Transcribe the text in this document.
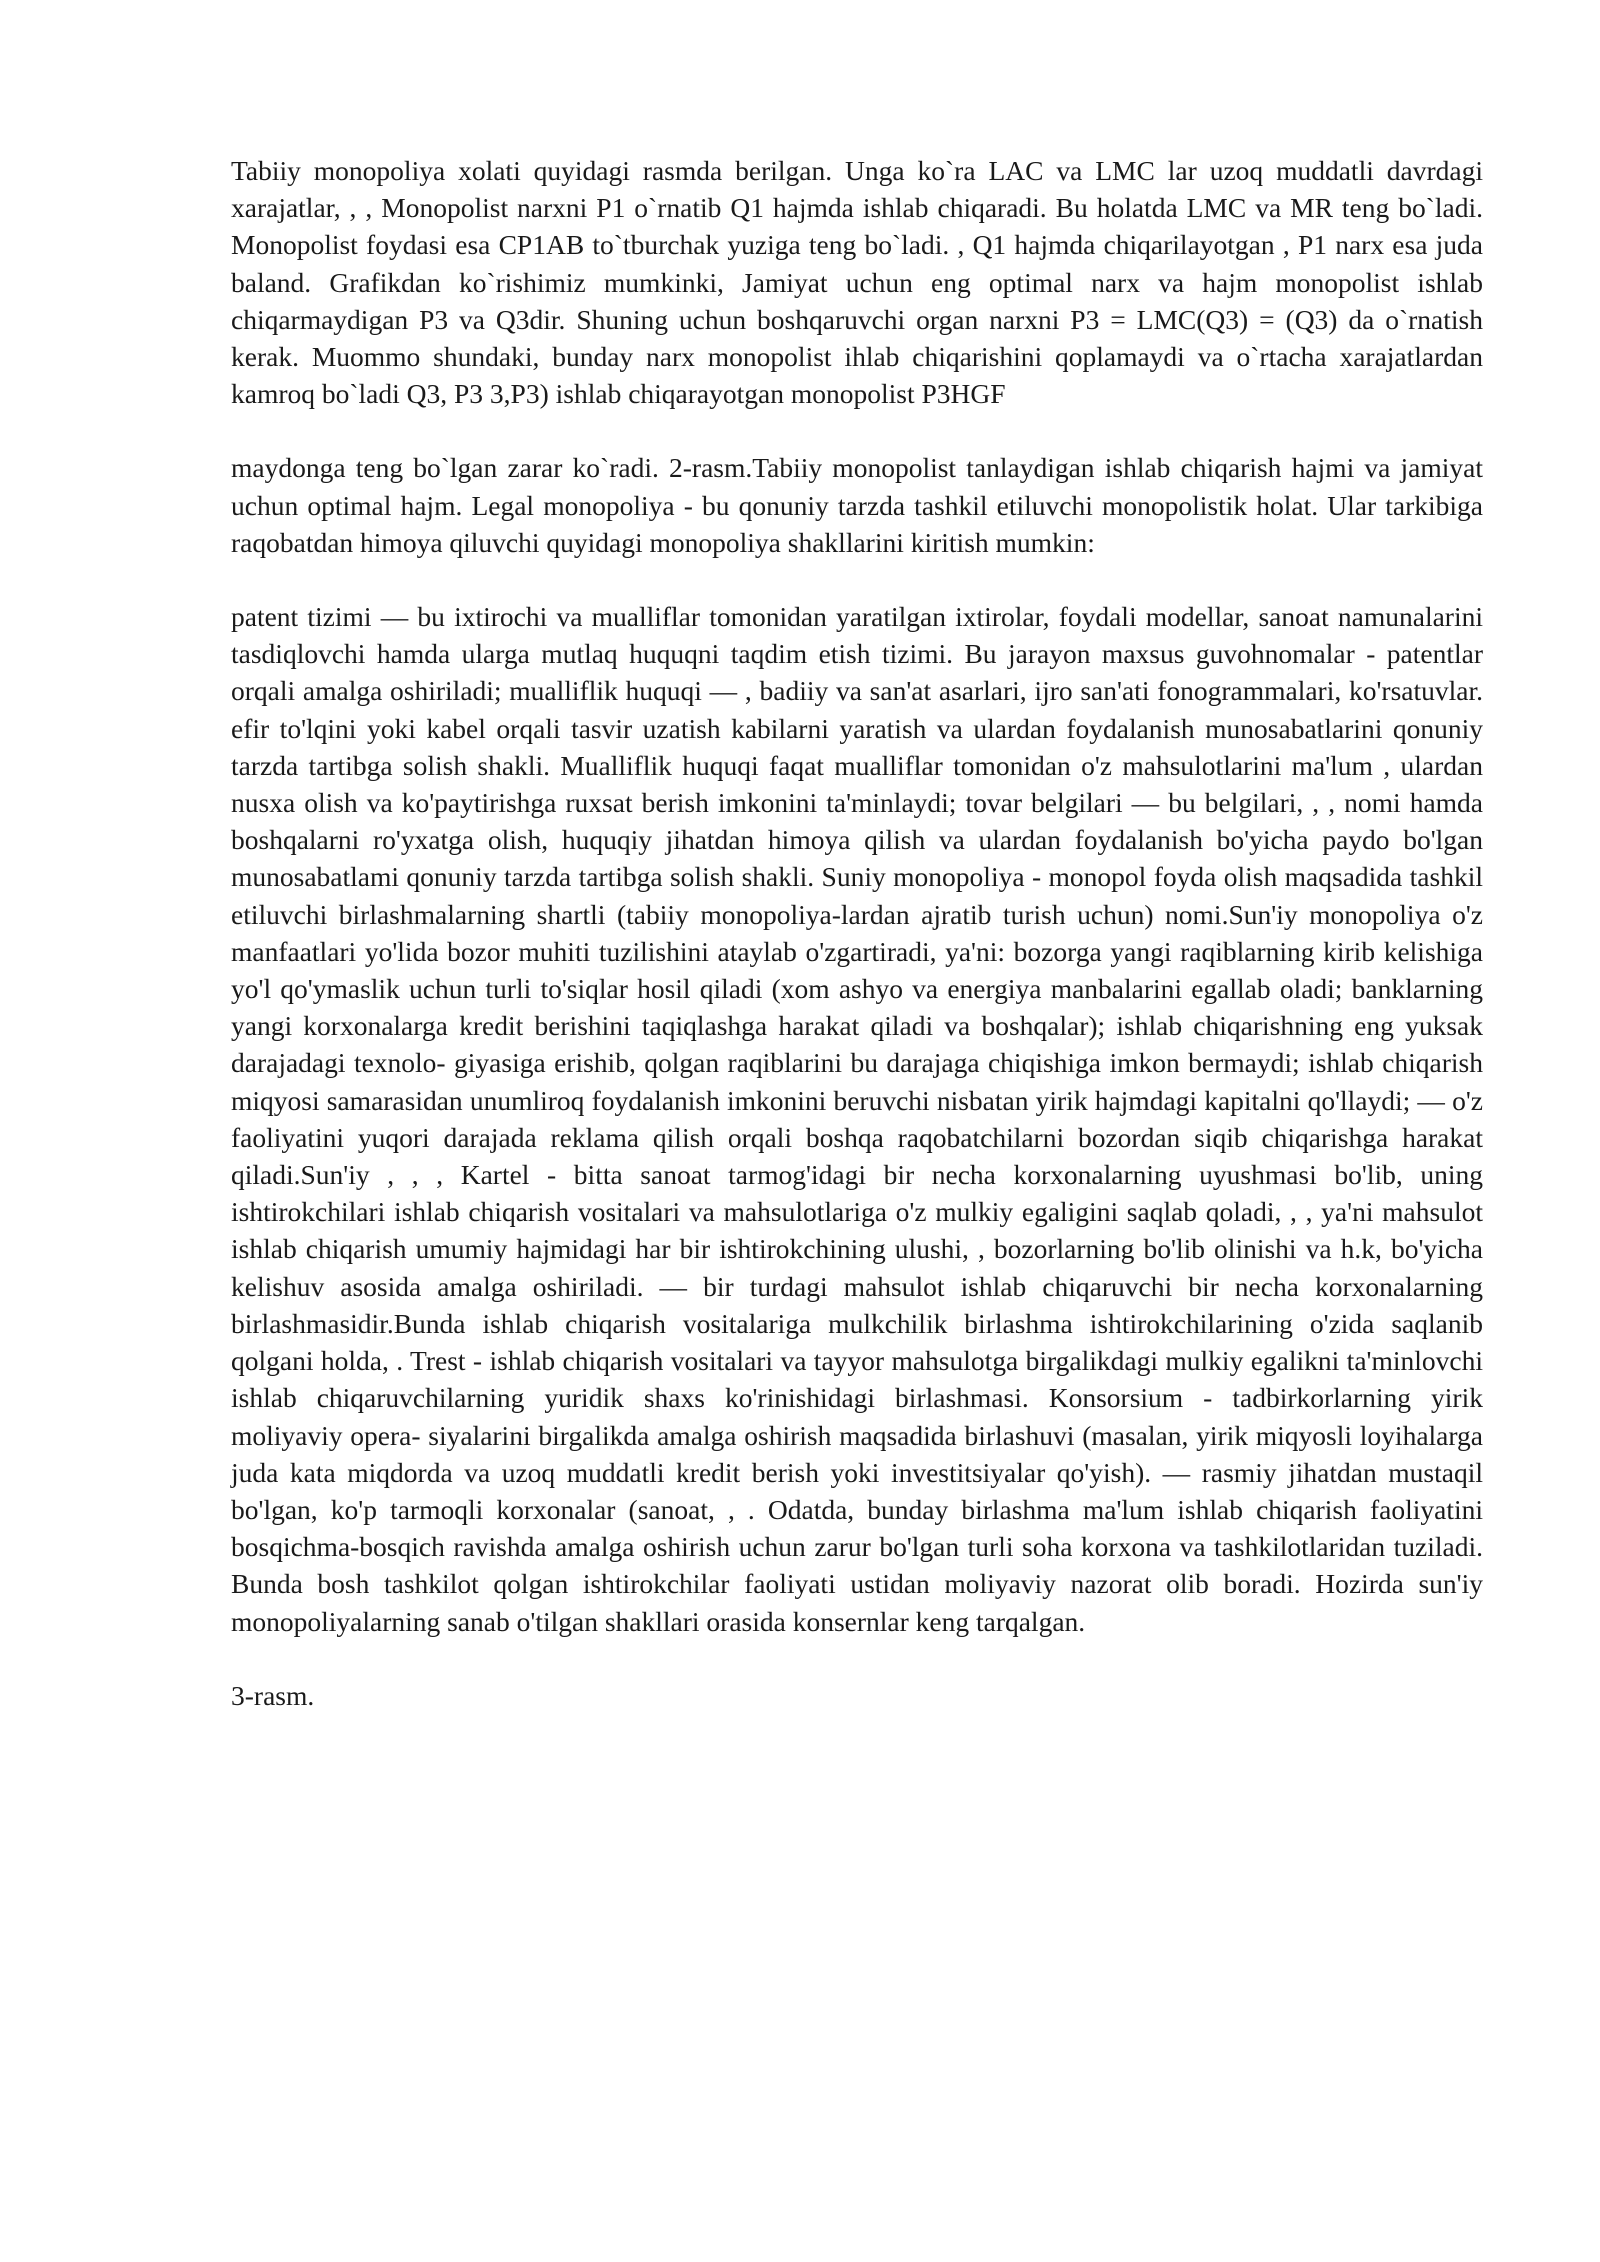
Tabiiy monopoliya xolati quyidagi rasmda berilgan. Unga ko`ra LAC va LMC lar uzoq muddatli davrdagi xarajatlar, , , Monopolist narxni P1 o`rnatib Q1 hajmda ishlab chiqaradi. Bu holatda LMC va MR teng bo`ladi. Monopolist foydasi esa CP1AB to`tburchak yuziga teng bo`ladi. , Q1 hajmda chiqarilayotgan , P1 narx esa juda baland. Grafikdan ko`rishimiz mumkinki, Jamiyat uchun eng optimal narx va hajm monopolist ishlab chiqarmaydigan P3 va Q3dir. Shuning uchun boshqaruvchi organ narxni P3 = LMC(Q3) = (Q3) da o`rnatish kerak. Muommo shundaki, bunday narx monopolist ihlab chiqarishini qoplamaydi va o`rtacha xarajatlardan kamroq bo`ladi Q3, P3 3,P3) ishlab chiqarayotgan monopolist P3HGF

maydonga teng bo`lgan zarar ko`radi. 2-rasm.Tabiiy monopolist tanlaydigan ishlab chiqarish hajmi va jamiyat uchun optimal hajm. Legal monopoliya - bu qonuniy tarzda tashkil etiluvchi monopolistik holat. Ular tarkibiga raqobatdan himoya qiluvchi quyidagi monopoliya shakllarini kiritish mumkin:

patent tizimi — bu ixtirochi va mualliflar tomonidan yaratilgan ixtirolar, foydali modellar, sanoat namunalarini tasdiqlovchi hamda ularga mutlaq huquqni taqdim etish tizimi. Bu jarayon maxsus guvohnomalar - patentlar orqali amalga oshiriladi; mualliflik huquqi — , badiiy va san'at asarlari, ijro san'ati fonogrammalari, ko'rsatuvlar. efir to'lqini yoki kabel orqali tasvir uzatish kabilarni yaratish va ulardan foydalanish munosabatlarini qonuniy tarzda tartibga solish shakli. Mualliflik huquqi faqat mualliflar tomonidan o'z mahsulotlarini ma'lum , ulardan nusxa olish va ko'paytirishga ruxsat berish imkonini ta'minlaydi; tovar belgilari — bu belgilari, , , nomi hamda boshqalarni ro'yxatga olish, huquqiy jihatdan himoya qilish va ulardan foydalanish bo'yicha paydo bo'lgan munosabatlami qonuniy tarzda tartibga solish shakli. Suniy monopoliya - monopol foyda olish maqsadida tashkil etiluvchi birlashmalarning shartli (tabiiy monopoliya-lardan ajratib turish uchun) nomi.Sun'iy monopoliya o'z manfaatlari yo'lida bozor muhiti tuzilishini ataylab o'zgartiradi, ya'ni: bozorga yangi raqiblarning kirib kelishiga yo'l qo'ymaslik uchun turli to'siqlar hosil qiladi (xom ashyo va energiya manbalarini egallab oladi; banklarning yangi korxonalarga kredit berishini taqiqlashga harakat qiladi va boshqalar); ishlab chiqarishning eng yuksak darajadagi texnolo- giyasiga erishib, qolgan raqiblarini bu darajaga chiqishiga imkon bermaydi; ishlab chiqarish miqyosi samarasidan unumliroq foydalanish imkonini beruvchi nisbatan yirik hajmdagi kapitalni qo'llaydi; — o'z faoliyatini yuqori darajada reklama qilish orqali boshqa raqobatchilarni bozordan siqib chiqarishga harakat qiladi.Sun'iy , , , Kartel - bitta sanoat tarmog'idagi bir necha korxonalarning uyushmasi bo'lib, uning ishtirokchilari ishlab chiqarish vositalari va mahsulotlariga o'z mulkiy egaligini saqlab qoladi, , , ya'ni mahsulot ishlab chiqarish umumiy hajmidagi har bir ishtirokchining ulushi, , bozorlarning bo'lib olinishi va h.k, bo'yicha kelishuv asosida amalga oshiriladi. — bir turdagi mahsulot ishlab chiqaruvchi bir necha korxonalarning birlashmasidir.Bunda ishlab chiqarish vositalariga mulkchilik birlashma ishtirokchilarining o'zida saqlanib qolgani holda, . Trest - ishlab chiqarish vositalari va tayyor mahsulotga birgalikdagi mulkiy egalikni ta'minlovchi ishlab chiqaruvchilarning yuridik shaxs ko'rinishidagi birlashmasi. Konsorsium - tadbirkorlarning yirik moliyaviy opera- siyalarini birgalikda amalga oshirish maqsadida birlashuvi (masalan, yirik miqyosli loyihalarga juda kata miqdorda va uzoq muddatli kredit berish yoki investitsiyalar qo'yish). — rasmiy jihatdan mustaqil bo'lgan, ko'p tarmoqli korxonalar (sanoat, , . Odatda, bunday birlashma ma'lum ishlab chiqarish faoliyatini bosqichma-bosqich ravishda amalga oshirish uchun zarur bo'lgan turli soha korxona va tashkilotlaridan tuziladi. Bunda bosh tashkilot qolgan ishtirokchilar faoliyati ustidan moliyaviy nazorat olib boradi. Hozirda sun'iy monopoliyalarning sanab o'tilgan shakllari orasida konsernlar keng tarqalgan.

3-rasm.
